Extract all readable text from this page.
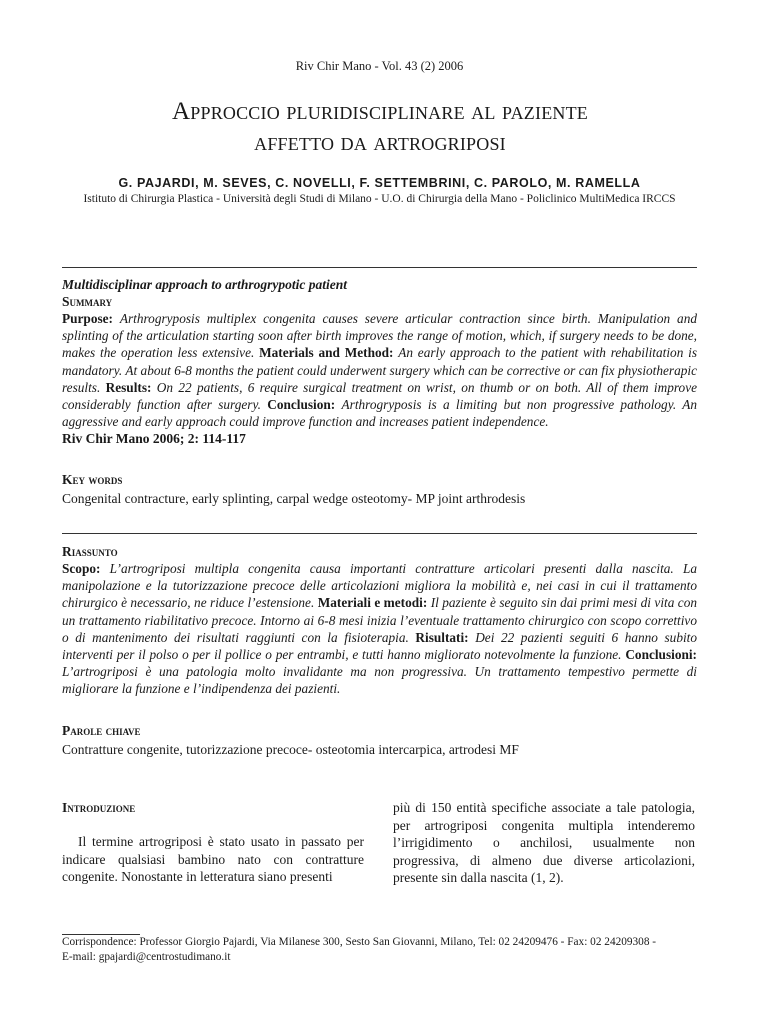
Riv Chir Mano - Vol. 43 (2) 2006
Approccio pluridisciplinare al paziente
affetto da artrogriposi
G. PAJARDI, M. SEVES, C. NOVELLI, F. SETTEMBRINI, C. PAROLO, M. RAMELLA
Istituto di Chirurgia Plastica - Università degli Studi di Milano - U.O. di Chirurgia della Mano - Policlinico MultiMedica IRCCS
Multidisciplinar approach to arthrogrypotic patient
Summary
Purpose: Arthrogryposis multiplex congenita causes severe articular contraction since birth. Manipulation and splinting of the articulation starting soon after birth improves the range of motion, which, if surgery needs to be done, makes the operation less extensive. Materials and Method: An early approach to the patient with rehabilitation is mandatory. At about 6-8 months the patient could underwent surgery which can be corrective or can fix physiotherapic results. Results: On 22 patients, 6 require surgical treatment on wrist, on thumb or on both. All of them improve considerably function after surgery. Conclusion: Arthrogryposis is a limiting but non progressive pathology. An aggressive and early approach could improve function and increases patient independence.
Riv Chir Mano 2006; 2: 114-117
Key words
Congenital contracture, early splinting, carpal wedge osteotomy- MP joint arthrodesis
Riassunto
Scopo: L’artrogriposi multipla congenita causa importanti contratture articolari presenti dalla nascita. La manipolazione e la tutorizzazione precoce delle articolazioni migliora la mobilità e, nei casi in cui il trattamento chirurgico è necessario, ne riduce l’estensione. Materiali e metodi: Il paziente è seguito sin dai primi mesi di vita con un trattamento riabilitativo precoce. Intorno ai 6-8 mesi inizia l’eventuale trattamento chirurgico con scopo correttivo o di mantenimento dei risultati raggiunti con la fisioterapia. Risultati: Dei 22 pazienti seguiti 6 hanno subito interventi per il polso o per il pollice o per entrambi, e tutti hanno migliorato notevolmente la funzione. Conclusioni: L’artrogriposi è una patologia molto invalidante ma non progressiva. Un trattamento tempestivo permette di migliorare la funzione e l’indipendenza dei pazienti.
Parole chiave
Contratture congenite, tutorizzazione precoce- osteotomia intercarpica, artrodesi MF
Introduzione
Il termine artrogriposi è stato usato in passato per indicare qualsiasi bambino nato con contratture congenite. Nonostante in letteratura siano presenti
più di 150 entità specifiche associate a tale patologia, per artrogriposi congenita multipla intenderemo l’irrigidimento o anchilosi, usualmente non progressiva, di almeno due diverse articolazioni, presente sin dalla nascita (1, 2).
Corrispondence: Professor Giorgio Pajardi, Via Milanese 300, Sesto San Giovanni, Milano, Tel: 02 24209476 - Fax: 02 24209308 -
E-mail: gpajardi@centrostudimano.it
